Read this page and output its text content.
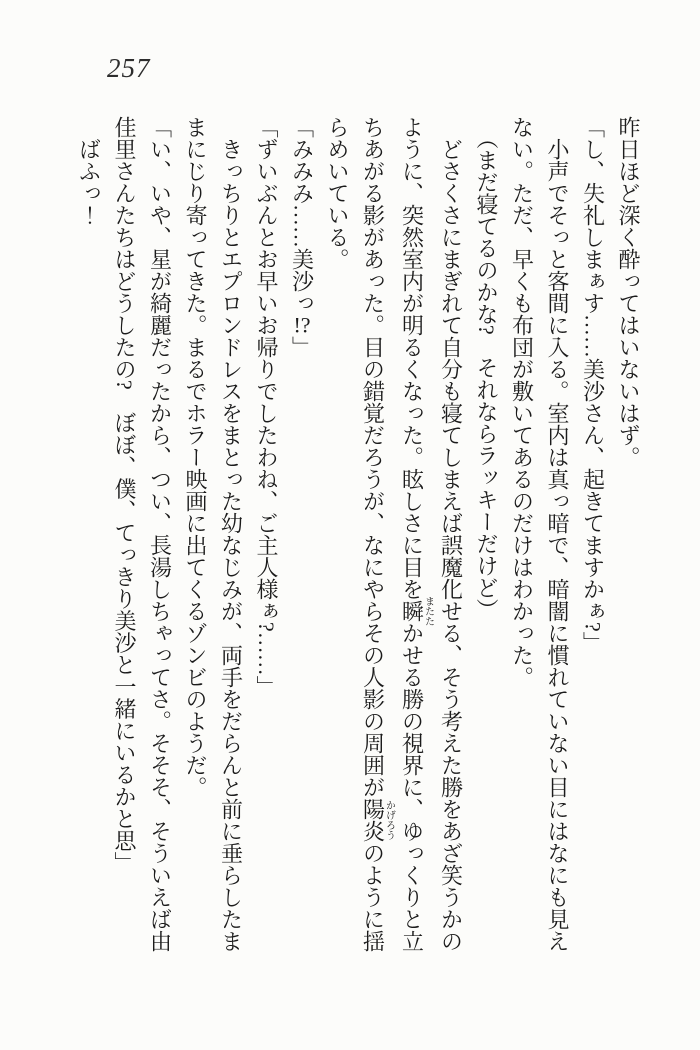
257

昨日ほど深く酔ってはいないはず。

「し、失礼しまぁす……美沙さん、起きてますかぁ?」

　小声でそっと客間に入る。室内は真っ暗で、暗闇に慣れていない目にはなにも見え

ない。ただ、早くも布団が敷いてあるのだけはわかった。

　（まだ寝てるのかな?　それならラッキーだけど）

　どさくさにまぎれて自分も寝てしまえば誤魔化せる、そう考えた勝をあざ笑うかの

ように、突然室内が明るくなった。眩しさに目を瞬またたかせる勝の視界に、ゆっくりと立

ちあがる影があった。目の錯覚だろうが、なにやらその人影の周囲が陽炎かげろうのように揺

らめいている。

「みみみ……美沙っ!?」

「ずいぶんとお早いお帰りでしたわね、ご主人様ぁ?……」

　きっちりとエプロンドレスをまとった幼なじみが、両手をだらんと前に垂らしたま

まにじり寄ってきた。まるでホラー映画に出てくるゾンビのようだ。

「い、いや、星が綺麗だったから、つい、長湯しちゃってさ。そそそ、そういえば由

佳里さんたちはどうしたの?　ぼぼ、僕、てっきり美沙と一緒にいるかと思」

　ばふっ！
